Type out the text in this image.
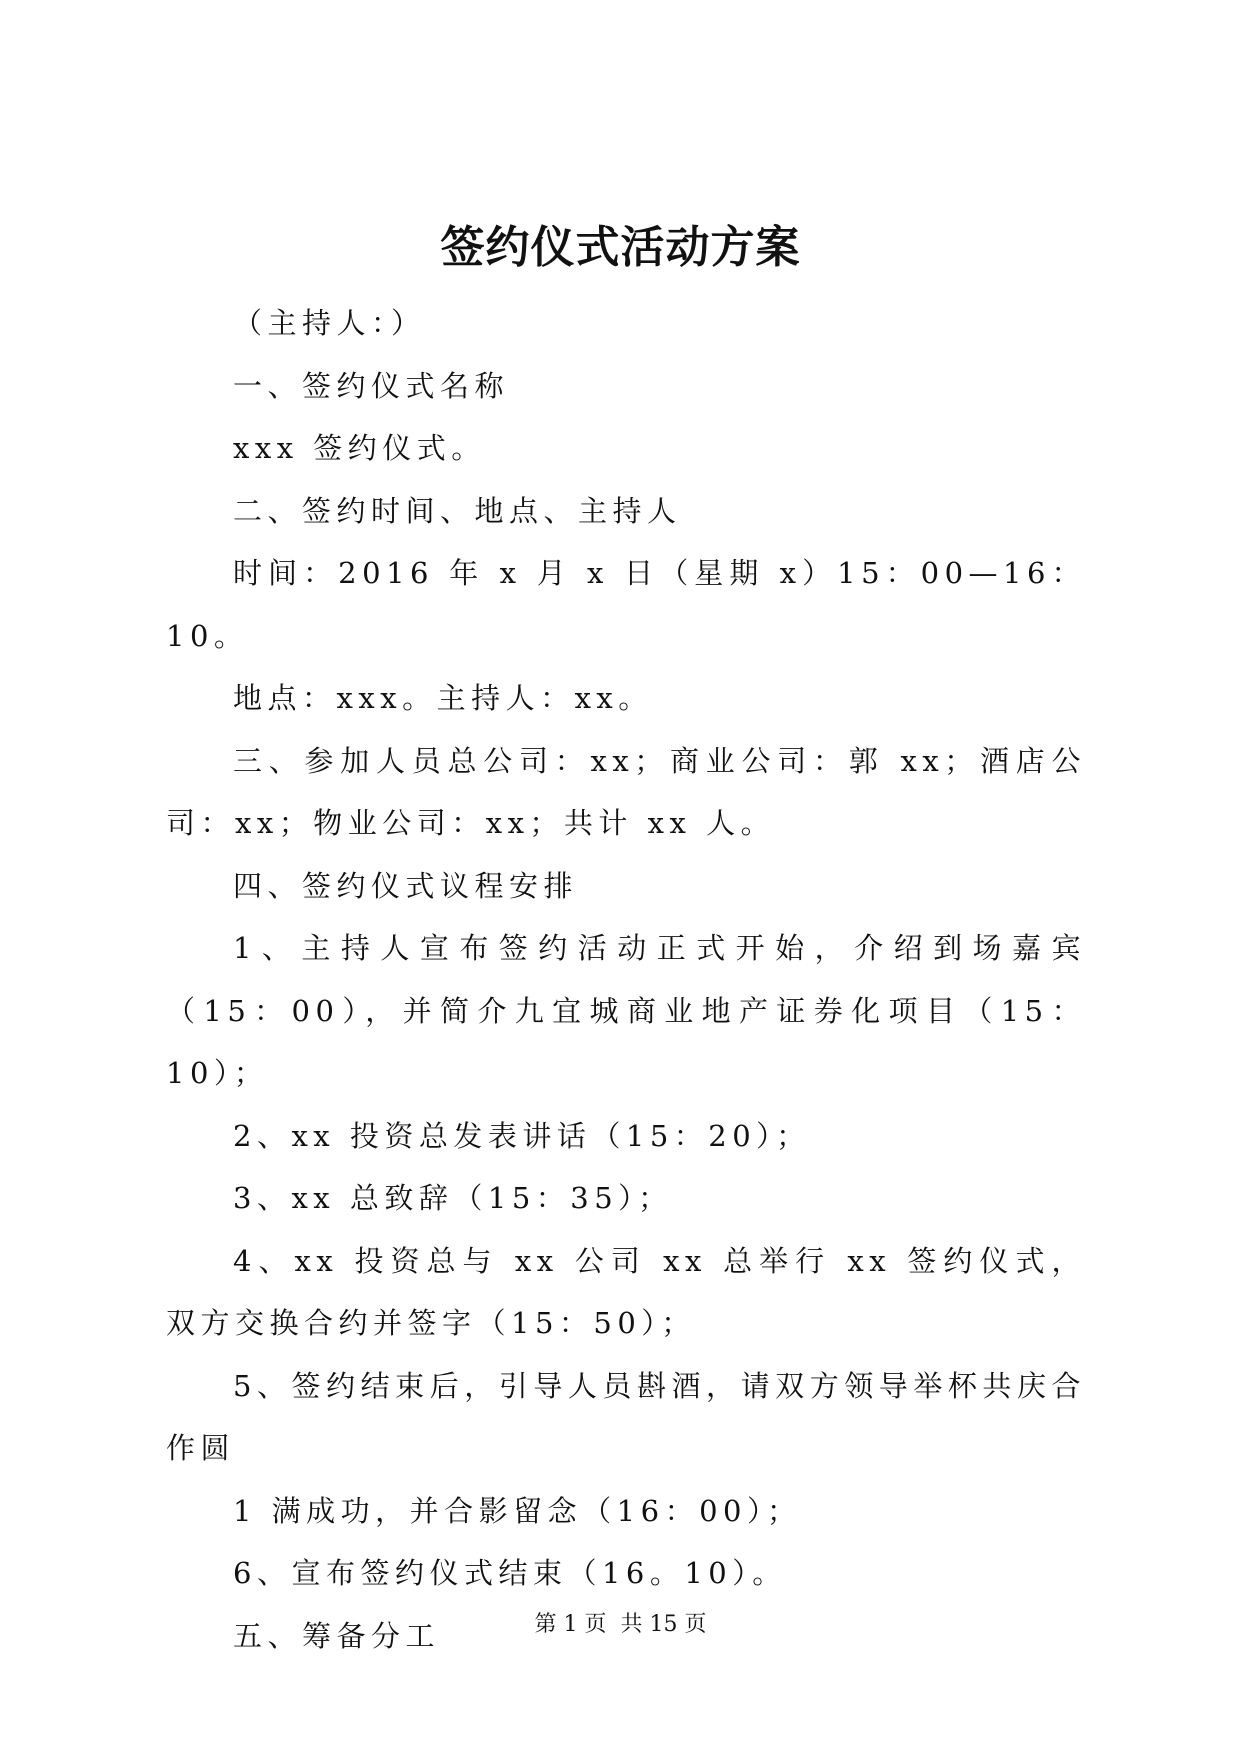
签约仪式活动方案

（主持人：）

一、签约仪式名称

xxx 签约仪式。

二、签约时间、地点、主持人

时间：2016 年 x 月 x 日（星期 x）15：00—16：10。

地点：xxx。主持人：xx。

三、参加人员总公司：xx；商业公司：郭 xx；酒店公司：xx；物业公司：xx；共计 xx 人。

四、签约仪式议程安排

1、主持人宣布签约活动正式开始，介绍到场嘉宾（15：00），并简介九宜城商业地产证券化项目（15：10）；

2、xx 投资总发表讲话（15：20）；

3、xx 总致辞（15：35）；

4、xx 投资总与 xx 公司 xx 总举行 xx 签约仪式，双方交换合约并签字（15：50）；

5、签约结束后，引导人员斟酒，请双方领导举杯共庆合作圆

1 满成功，并合影留念（16：00）；

6、宣布签约仪式结束（16。10）。

五、筹备分工	第 1 页  共 15 页
